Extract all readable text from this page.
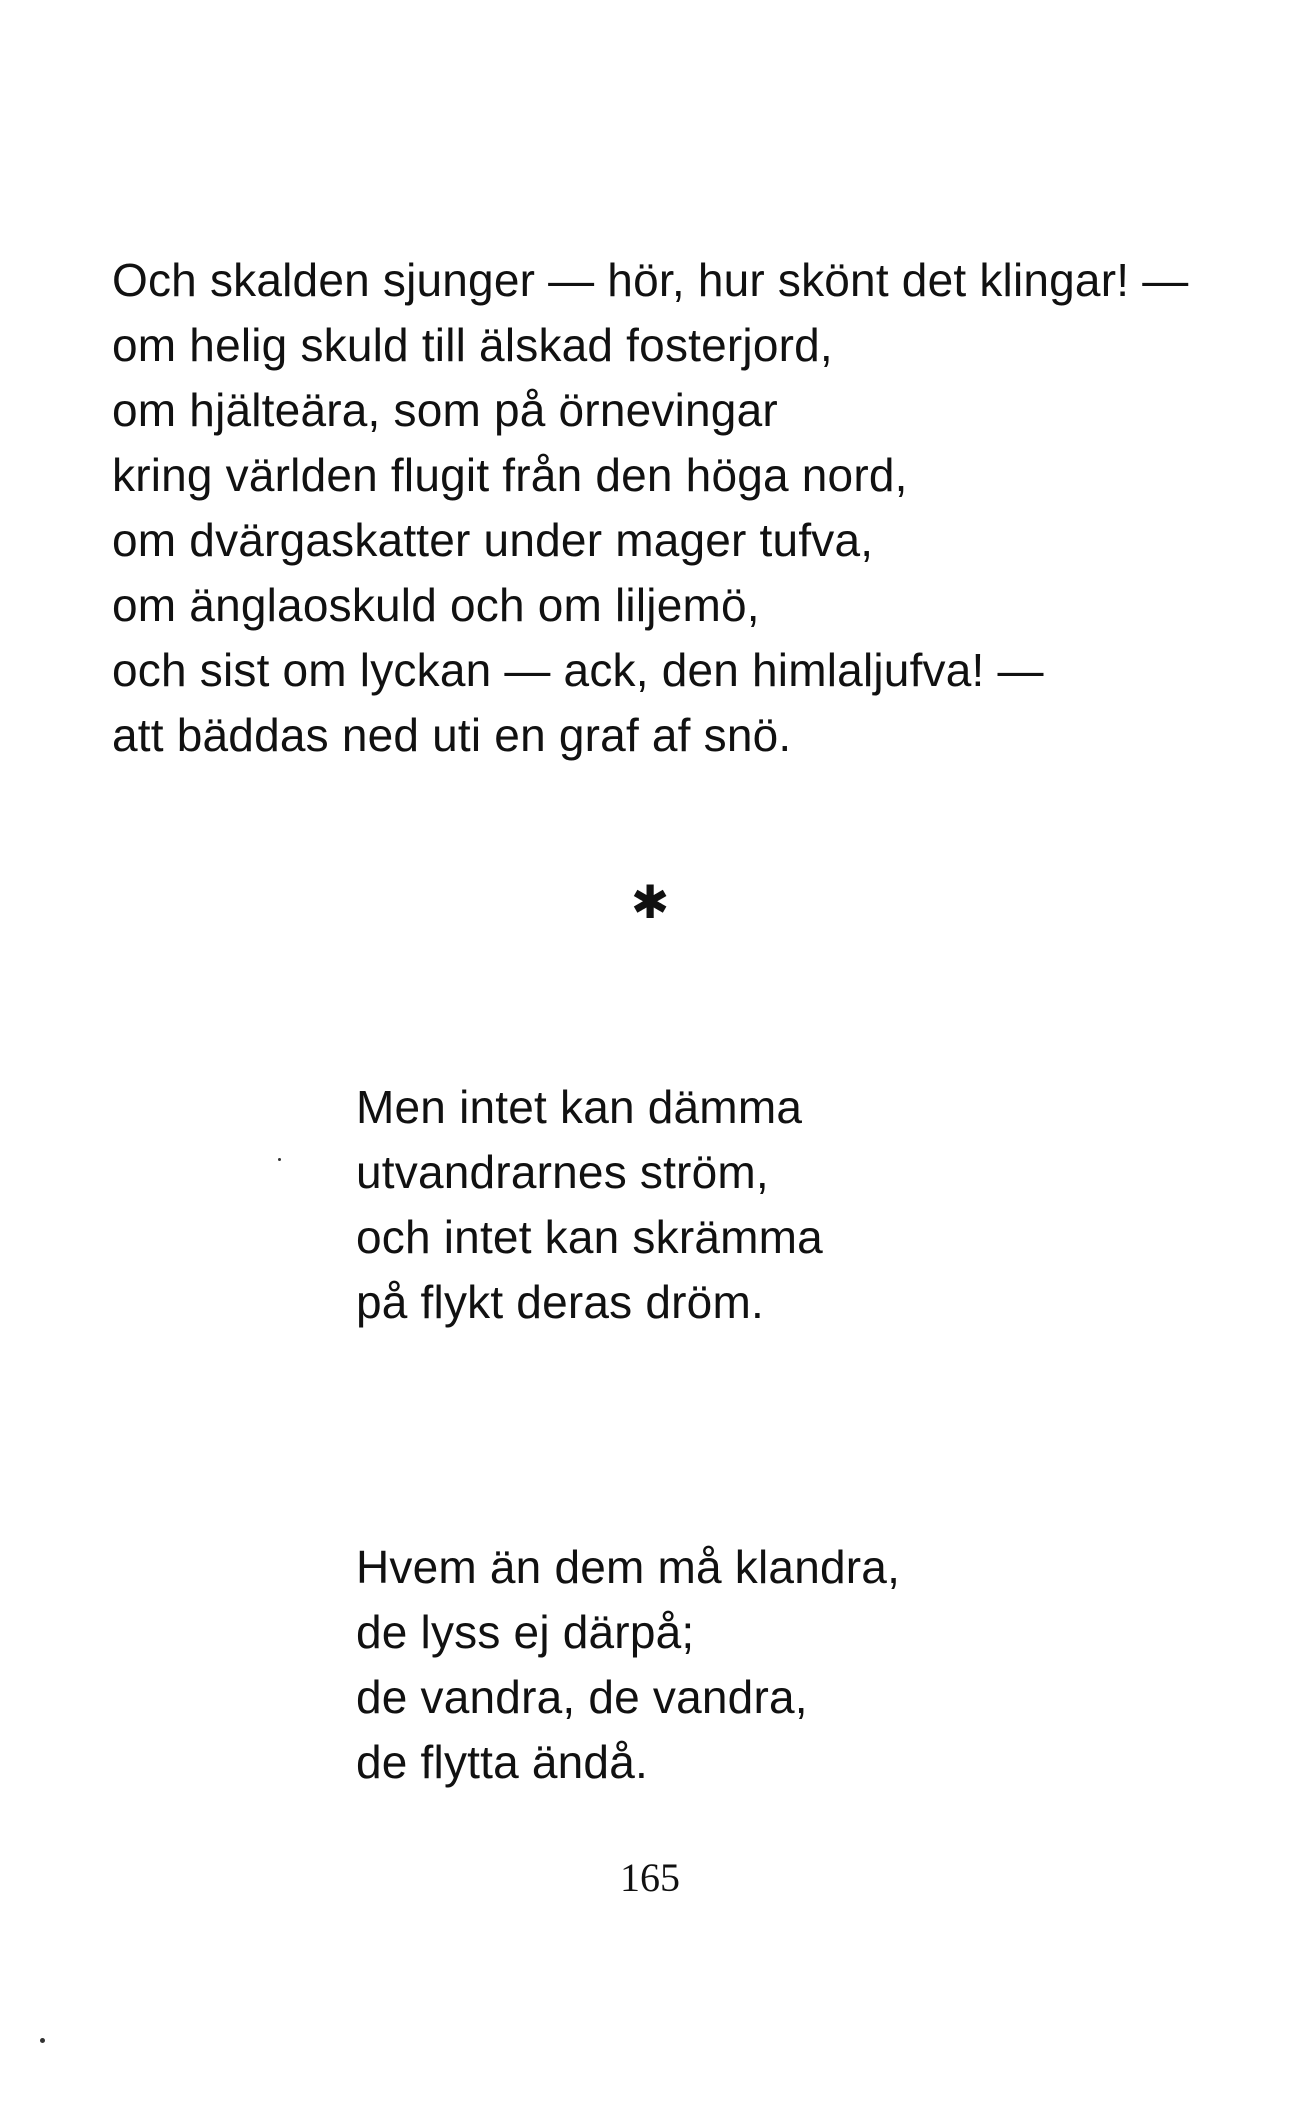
Och skalden sjunger — hör, hur skönt det klingar! —
om helig skuld till älskad fosterjord,
om hjälteära, som på örnevingar
kring världen flugit från den höga nord,
om dvärgaskatter under mager tufva,
om änglaoskuld och om liljemö,
och sist om lyckan — ack, den himlaljufva! —
att bäddas ned uti en graf af snö.
✱
Men intet kan dämma
utvandrarnes ström,
och intet kan skrämma
på flykt deras dröm.
Hvem än dem må klandra,
de lyss ej därpå;
de vandra, de vandra,
de flytta ändå.
165
